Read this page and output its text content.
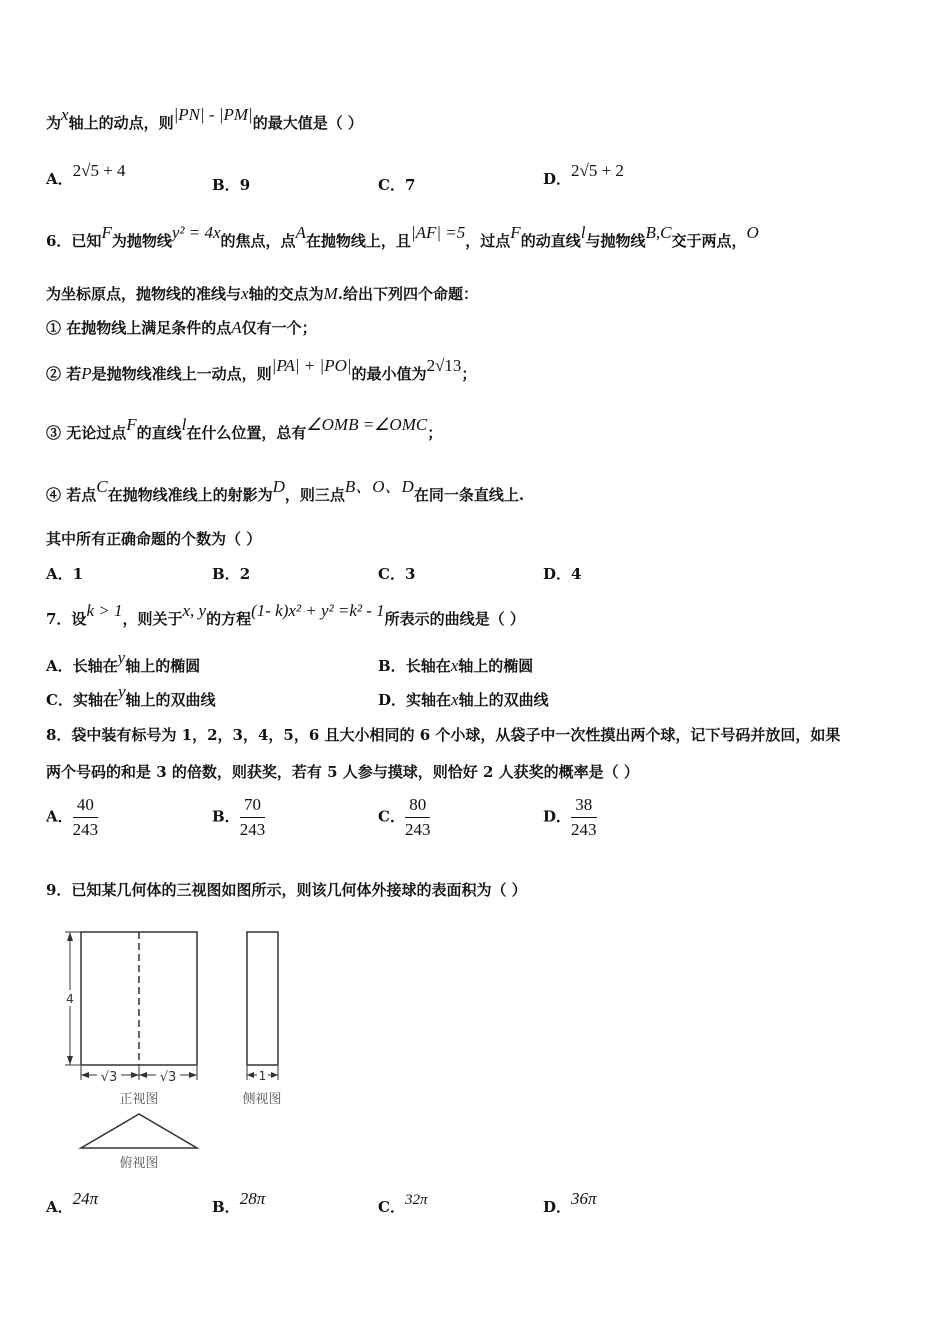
为x轴上的动点，则|PN| - |PM|的最大值是（ ）
A．2√5 + 4
B．9	C．7	D．2√5 + 2
6．已知F为抛物线y² = 4x的焦点，点A在抛物线上，且|AF| =5，过点F的动直线l与抛物线B,C交于两点，O
为坐标原点，抛物线的准线与x轴的交点为M.给出下列四个命题：
① 在抛物线上满足条件的点A仅有一个；
② 若P是抛物线准线上一动点，则|PA| + |PO|的最小值为2√13；
③ 无论过点F的直线l在什么位置，总有∠OMB =∠OMC；
④ 若点C在抛物线准线上的射影为D，则三点B、O、D在同一条直线上.
其中所有正确命题的个数为（ ）
A．1	B．2	C．3	D．4
7．设k > 1，则关于x, y的方程(1- k)x² + y² =k² - 1所表示的曲线是（ ）
A．长轴在y轴上的椭圆	B．长轴在x轴上的椭圆
C．实轴在y轴上的双曲线	D．实轴在x轴上的双曲线
8．袋中装有标号为 1，2，3，4，5，6 且大小相同的 6 个小球，从袋子中一次性摸出两个球，记下号码并放回，如果
两个号码的和是 3 的倍数，则获奖，若有 5 人参与摸球，则恰好 2 人获奖的概率是（ ）
A． $\frac{40}{243}$	B． $\frac{70}{243}$	C． $\frac{80}{243}$	D． $\frac{38}{243}$
9．已知某几何体的三视图如图所示，则该几何体外接球的表面积为（ ）
4
√3	√3
正视图
1
侧视图
俯视图
A．24π	B．28π	C．32π	D．36π
